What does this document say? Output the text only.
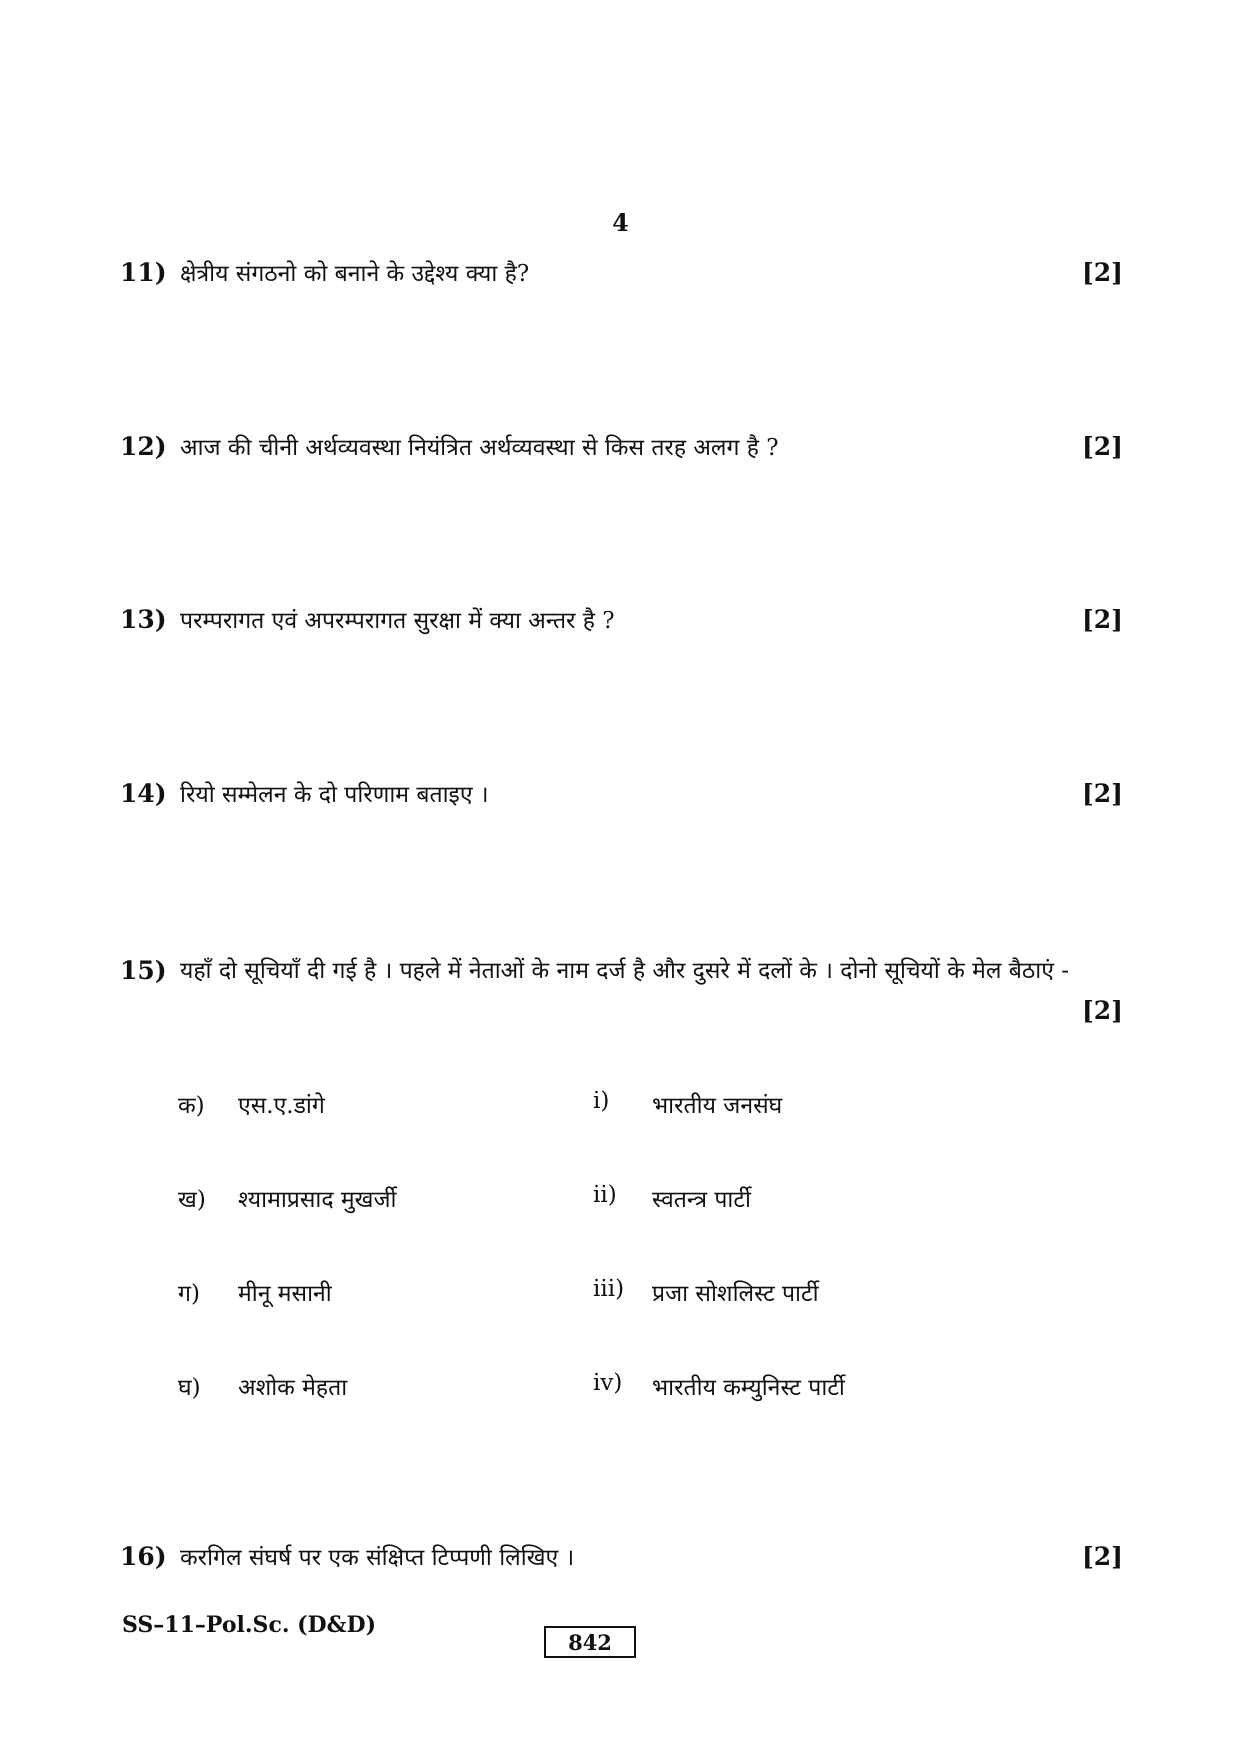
4
11) क्षेत्रीय संगठनो को बनाने के उद्देश्य क्या है?	[2]
12) आज की चीनी अर्थव्यवस्था नियंत्रित अर्थव्यवस्था से किस तरह अलग है ?	[2]
13) परम्परागत एवं अपरम्परागत सुरक्षा में क्या अन्तर है ?	[2]
14) रियो सम्मेलन के दो परिणाम बताइए ।	[2]
15) यहाँ दो सूचियाँ दी गई है । पहले में नेताओं के नाम दर्ज है और दुसरे में दलों के । दोनो सूचियों के मेल बैठाएं -
[2]
क) एस.ए.डांगे	i) भारतीय जनसंघ
ख) श्यामाप्रसाद मुखर्जी	ii) स्वतन्त्र पार्टी
ग) मीनू मसानी	iii) प्रजा सोशलिस्ट पार्टी
घ) अशोक मेहता	iv) भारतीय कम्युनिस्ट पार्टी
16) करगिल संघर्ष पर एक संक्षिप्त टिप्पणी लिखिए ।	[2]
SS–11–Pol.Sc. (D&D)
842
